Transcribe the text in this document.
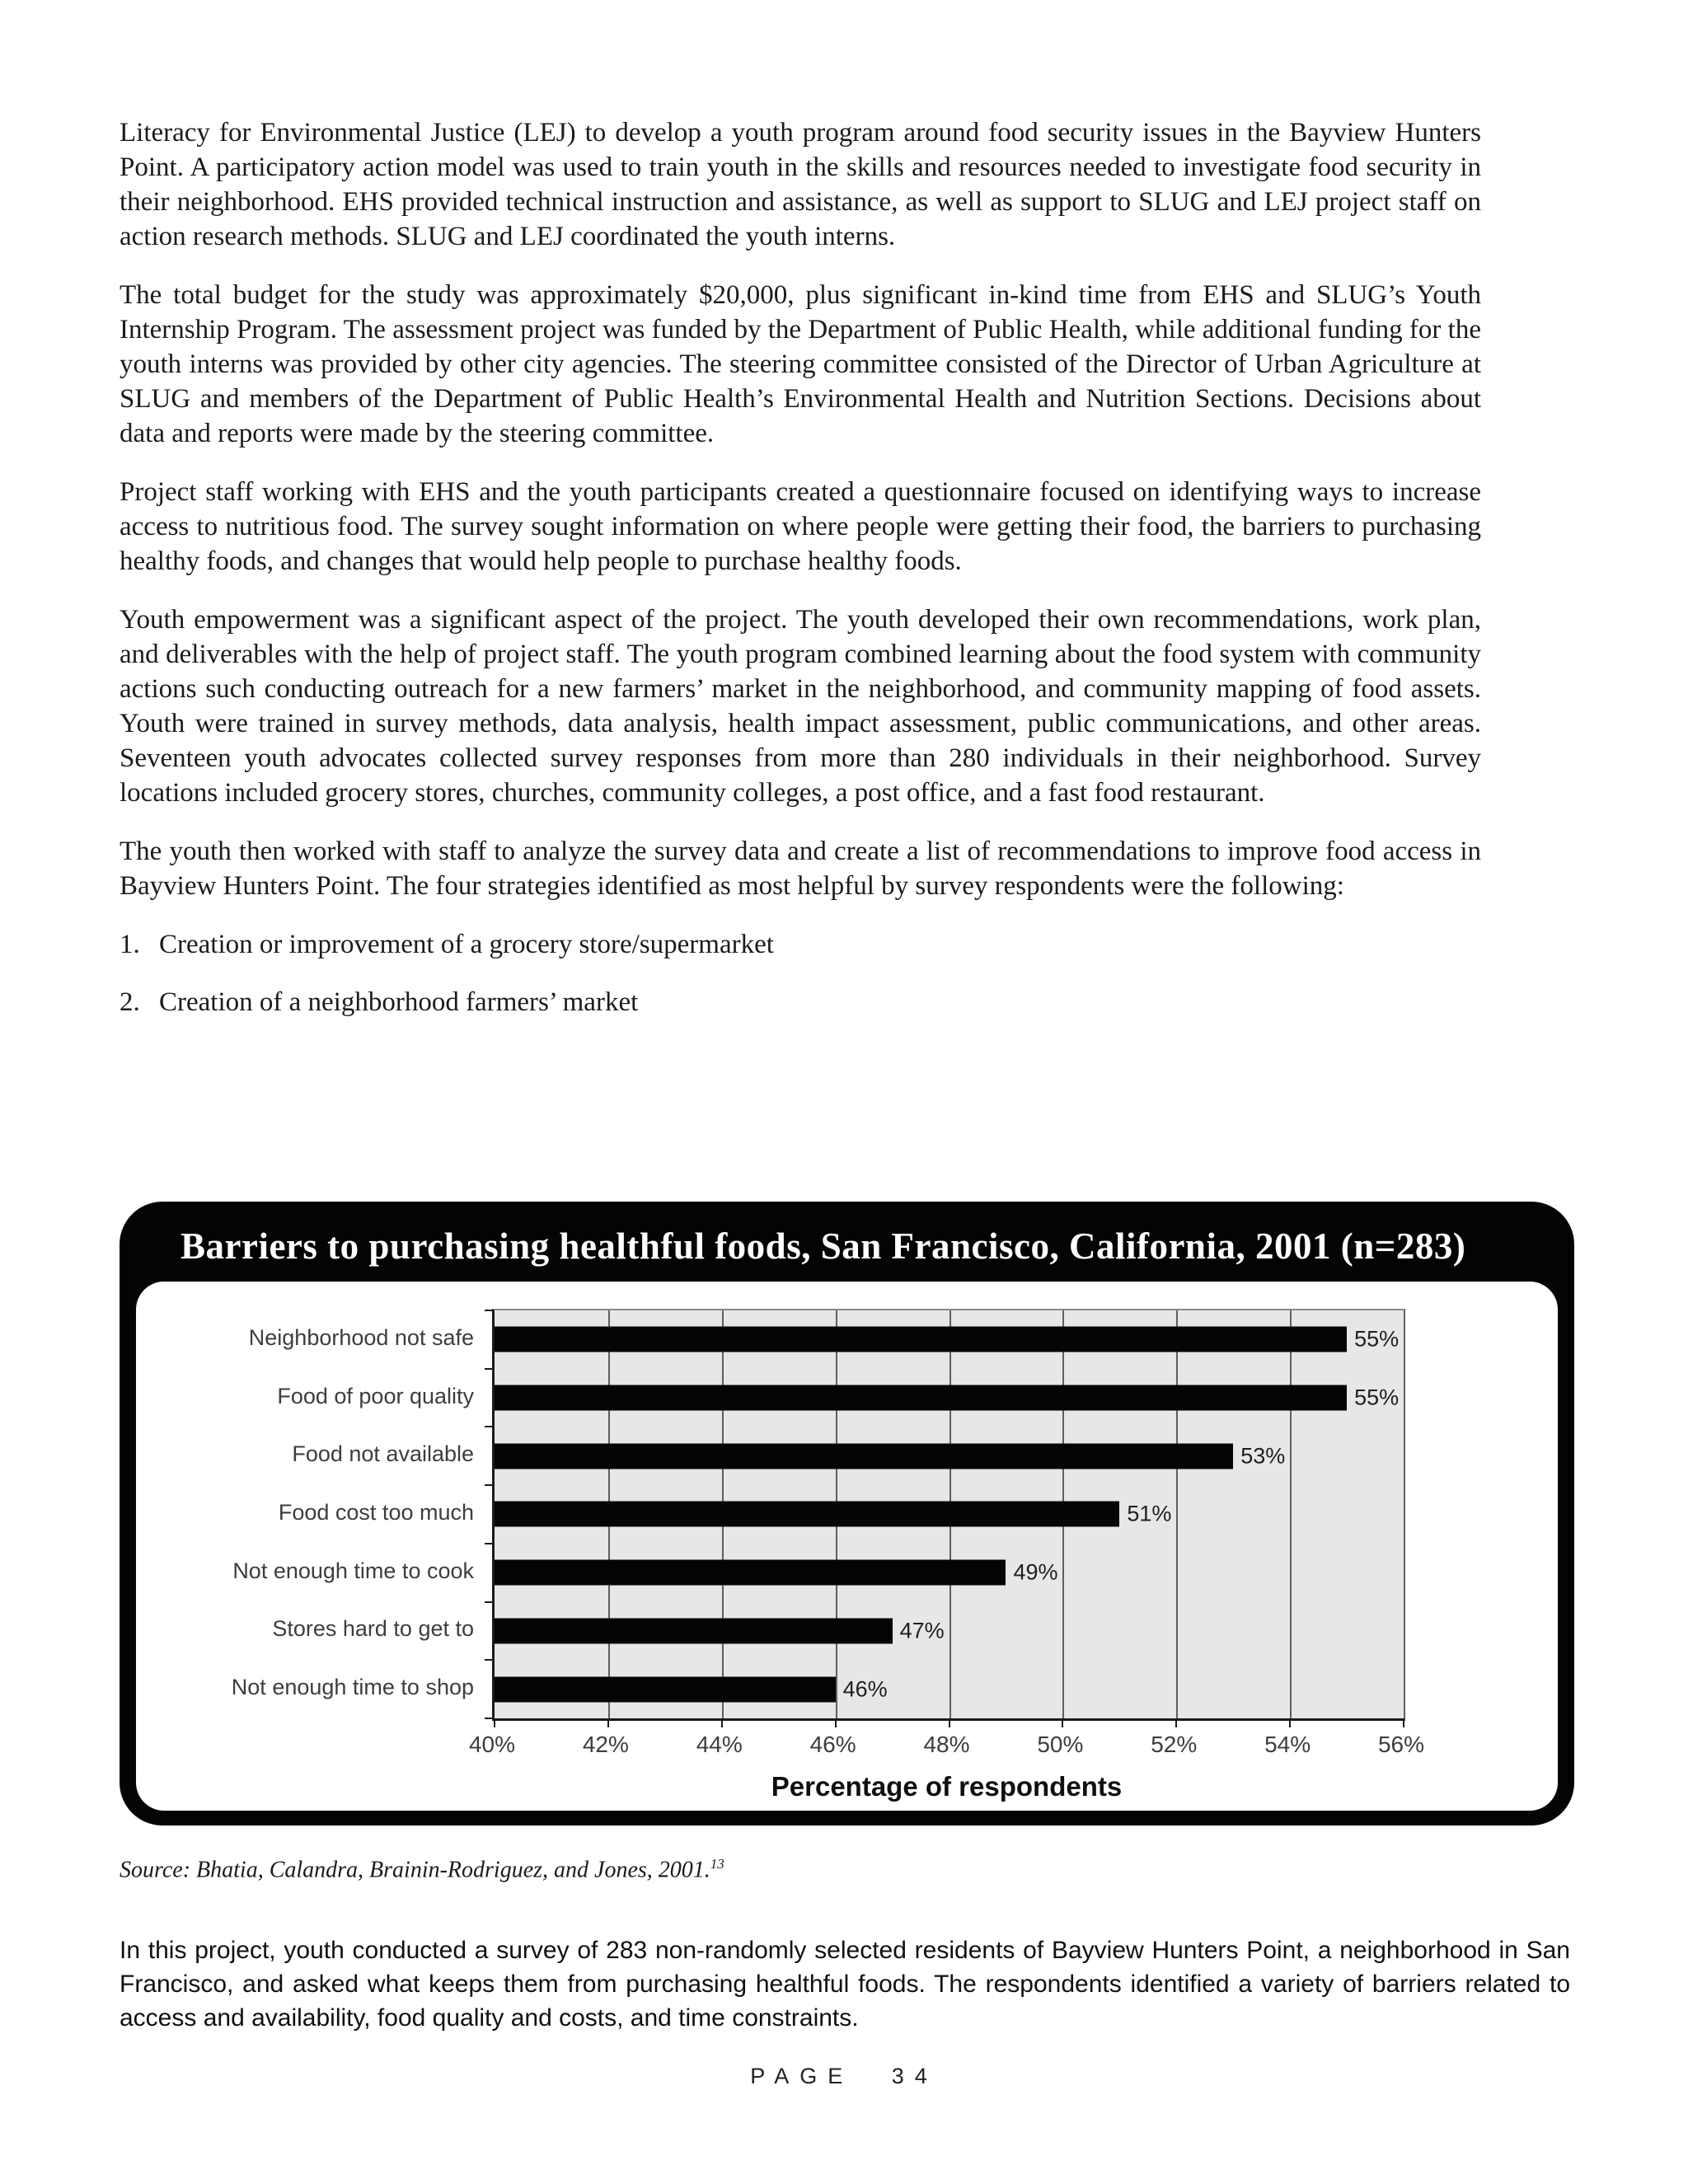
Literacy for Environmental Justice (LEJ) to develop a youth program around food security issues in the Bayview Hunters Point. A participatory action model was used to train youth in the skills and resources needed to investigate food security in their neighborhood. EHS provided technical instruction and assistance, as well as support to SLUG and LEJ project staff on action research methods. SLUG and LEJ coordinated the youth interns.

The total budget for the study was approximately $20,000, plus significant in-kind time from EHS and SLUG’s Youth Internship Program. The assessment project was funded by the Department of Public Health, while additional funding for the youth interns was provided by other city agencies. The steering committee consisted of the Director of Urban Agriculture at SLUG and members of the Department of Public Health’s Environmental Health and Nutrition Sections. Decisions about data and reports were made by the steering committee.

Project staff working with EHS and the youth participants created a questionnaire focused on identifying ways to increase access to nutritious food. The survey sought information on where people were getting their food, the barriers to purchasing healthy foods, and changes that would help people to purchase healthy foods.

Youth empowerment was a significant aspect of the project. The youth developed their own recommendations, work plan, and deliverables with the help of project staff. The youth program combined learning about the food system with community actions such conducting outreach for a new farmers’ market in the neighborhood, and community mapping of food assets. Youth were trained in survey methods, data analysis, health impact assessment, public communications, and other areas. Seventeen youth advocates collected survey responses from more than 280 individuals in their neighborhood. Survey locations included grocery stores, churches, community colleges, a post office, and a fast food restaurant.

The youth then worked with staff to analyze the survey data and create a list of recommendations to improve food access in Bayview Hunters Point. The four strategies identified as most helpful by survey respondents were the following:

1. Creation or improvement of a grocery store/supermarket
2. Creation of a neighborhood farmers’ market
Barriers to purchasing healthful foods, San Francisco, California, 2001 (n=283)
Neighborhood not safe
Food of poor quality
Food not available
Food cost too much
Not enough time to cook
Stores hard to get to
Not enough time to shop
55%
55%
53%
51%
49%
47%
46%
40%	42%	44%	46%	48%	50%	52%	54%	56%
Percentage of respondents
Source: Bhatia, Calandra, Brainin-Rodriguez, and Jones, 2001.13

In this project, youth conducted a survey of 283 non-randomly selected residents of Bayview Hunters Point, a neighborhood in San Francisco, and asked what keeps them from purchasing healthful foods. The respondents identified a variety of barriers related to access and availability, food quality and costs, and time constraints.

PAGE 34
